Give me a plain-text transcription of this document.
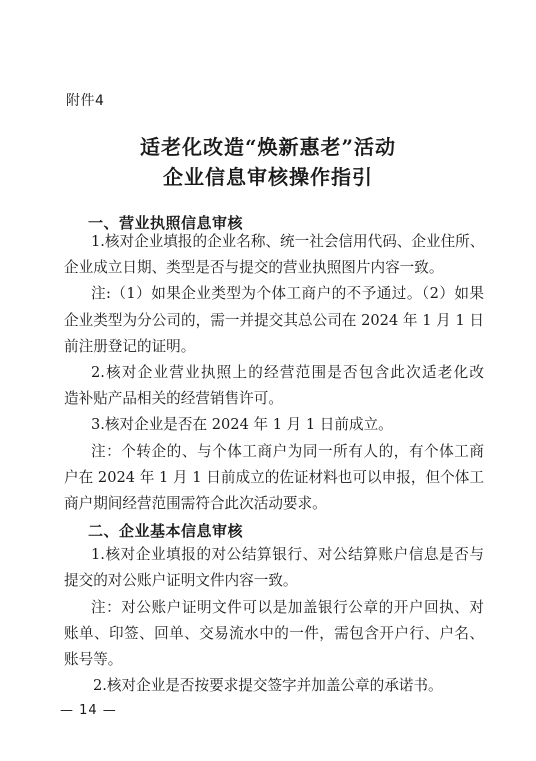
附件4
适老化改造“焕新惠老”活动
企业信息审核操作指引
一、营业执照信息审核
1.核对企业填报的企业名称、统一社会信用代码、企业住所、
企业成立日期、类型是否与提交的营业执照图片内容一致。
注:（1）如果企业类型为个体工商户的不予通过。（2）如果
企业类型为分公司的，需一并提交其总公司在 2024 年 1 月 1 日
前注册登记的证明。
2.核对企业营业执照上的经营范围是否包含此次适老化改
造补贴产品相关的经营销售许可。
3.核对企业是否在 2024 年 1 月 1 日前成立。
注：个转企的、与个体工商户为同一所有人的，有个体工商
户在 2024 年 1 月 1 日前成立的佐证材料也可以申报，但个体工
商户期间经营范围需符合此次活动要求。
二、企业基本信息审核
1.核对企业填报的对公结算银行、对公结算账户信息是否与
提交的对公账户证明文件内容一致。
注：对公账户证明文件可以是加盖银行公章的开户回执、对
账单、印签、回单、交易流水中的一件，需包含开户行、户名、
账号等。
2.核对企业是否按要求提交签字并加盖公章的承诺书。
— 14 —
